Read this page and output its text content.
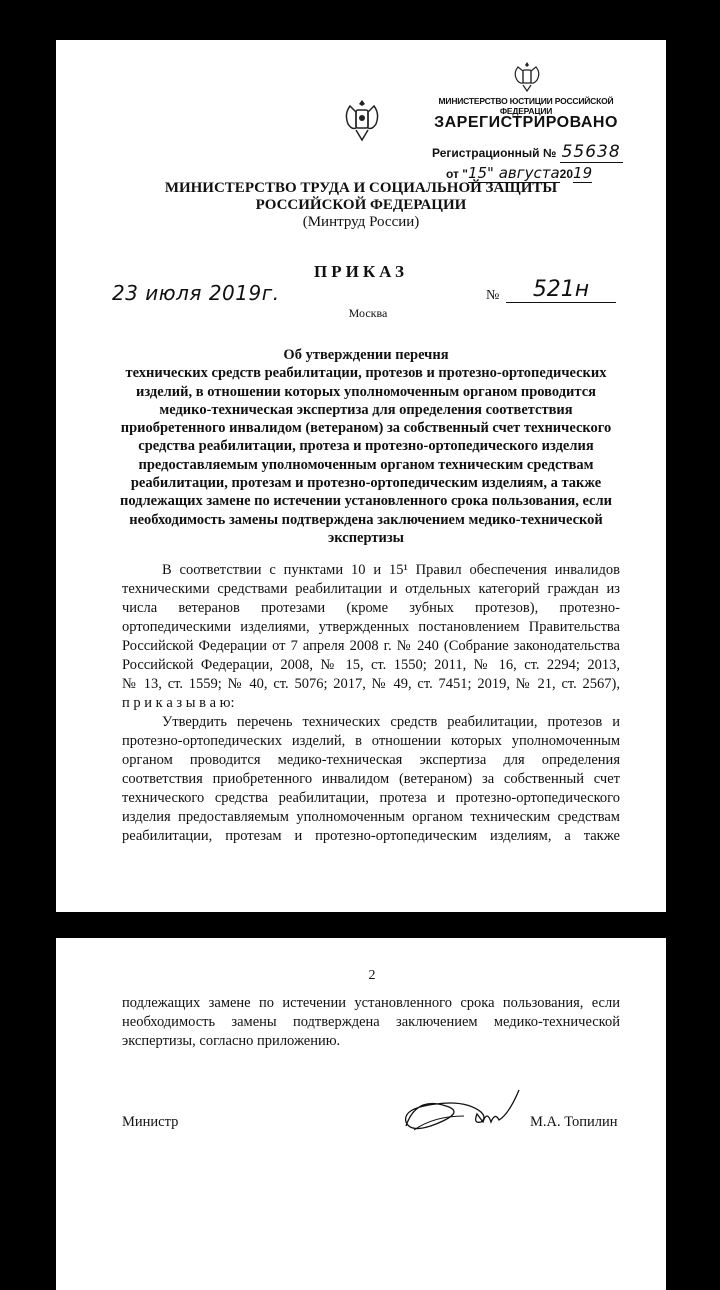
МИНИСТЕРСТВО ЮСТИЦИИ РОССИЙСКОЙ ФЕДЕРАЦИИ
ЗАРЕГИСТРИРОВАНО
Регистрационный № 55638
от "15" августа2019
МИНИСТЕРСТВО ТРУДА И СОЦИАЛЬНОЙ ЗАЩИТЫ
РОССИЙСКОЙ ФЕДЕРАЦИИ
(Минтруд России)
ПРИКАЗ
23 июля 2019г.	№	521н
Москва
Об утверждении перечня
технических средств реабилитации, протезов и протезно-ортопедических
изделий, в отношении которых уполномоченным органом проводится
медико-техническая экспертиза для определения соответствия
приобретенного инвалидом (ветераном) за собственный счет технического
средства реабилитации, протеза и протезно-ортопедического изделия
предоставляемым уполномоченным органом техническим средствам
реабилитации, протезам и протезно-ортопедическим изделиям, а также
подлежащих замене по истечении установленного срока пользования, если
необходимость замены подтверждена заключением медико-технической
экспертизы
В соответствии с пунктами 10 и 15¹ Правил обеспечения инвалидов
техническими средствами реабилитации и отдельных категорий граждан из
числа ветеранов протезами (кроме зубных протезов), протезно-
ортопедическими изделиями, утвержденных постановлением Правительства
Российской Федерации от 7 апреля 2008 г. № 240 (Собрание законодательства
Российской Федерации, 2008, № 15, ст. 1550; 2011, № 16, ст. 2294; 2013,
№ 13, ст. 1559; № 40, ст. 5076; 2017, № 49, ст. 7451; 2019, № 21, ст. 2567),
п р и к а з ы в а ю:
Утвердить перечень технических средств реабилитации, протезов и
протезно-ортопедических изделий, в отношении которых уполномоченным
органом проводится медико-техническая экспертиза для определения
соответствия приобретенного инвалидом (ветераном) за собственный счет
технического средства реабилитации, протеза и протезно-ортопедического
изделия предоставляемым уполномоченным органом техническим средствам
реабилитации, протезам и протезно-ортопедическим изделиям, а также
2
подлежащих замене по истечении установленного срока пользования, если
необходимость замены подтверждена заключением медико-технической
экспертизы, согласно приложению.
Министр	М.А. Топилин
